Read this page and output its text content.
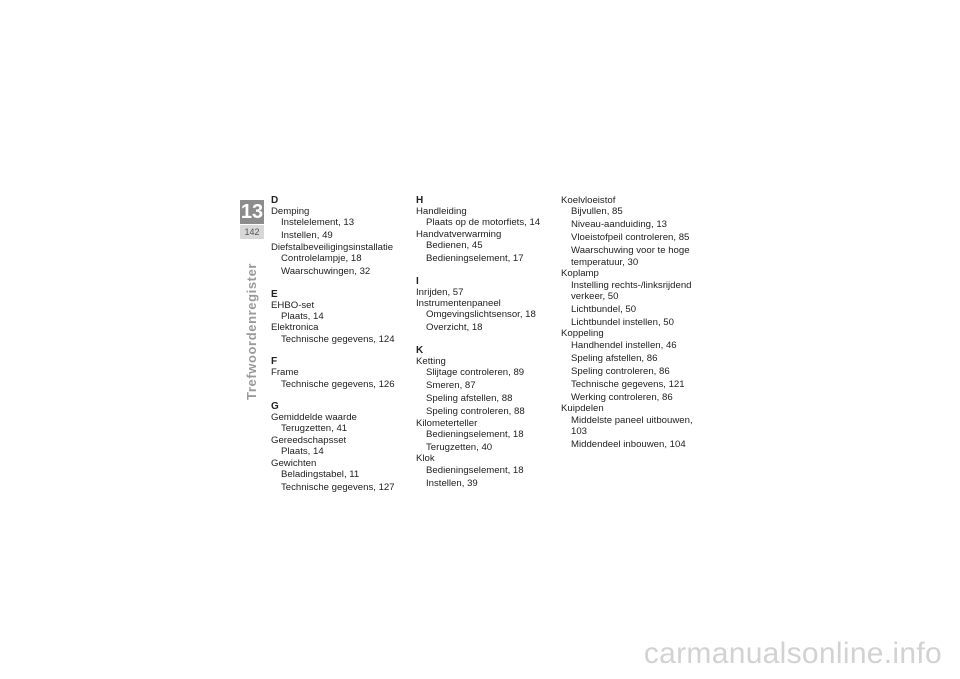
13
142
Trefwoordenregister
D
Demping
Instelelement, 13
Instellen, 49
Diefstalbeveiligingsinstallatie
Controlelampje, 18
Waarschuwingen, 32
E
EHBO-set
Plaats, 14
Elektronica
Technische gegevens, 124
F
Frame
Technische gegevens, 126
G
Gemiddelde waarde
Terugzetten, 41
Gereedschapsset
Plaats, 14
Gewichten
Beladingstabel, 11
Technische gegevens, 127
H
Handleiding
Plaats op de motorfiets, 14
Handvatverwarming
Bedienen, 45
Bedieningselement, 17
I
Inrijden, 57
Instrumentenpaneel
Omgevingslichtsensor, 18
Overzicht, 18
K
Ketting
Slijtage controleren, 89
Smeren, 87
Speling afstellen, 88
Speling controleren, 88
Kilometerteller
Bedieningselement, 18
Terugzetten, 40
Klok
Bedieningselement, 18
Instellen, 39
Koelvloeistof
Bijvullen, 85
Niveau-aanduiding, 13
Vloeistofpeil controleren, 85
Waarschuwing voor te hoge temperatuur, 30
Koplamp
Instelling rechts-/linksrijdend verkeer, 50
Lichtbundel, 50
Lichtbundel instellen, 50
Koppeling
Handhendel instellen, 46
Speling afstellen, 86
Speling controleren, 86
Technische gegevens, 121
Werking controleren, 86
Kuipdelen
Middelste paneel uitbouwen, 103
Middendeel inbouwen, 104
carmanualsonline.info
